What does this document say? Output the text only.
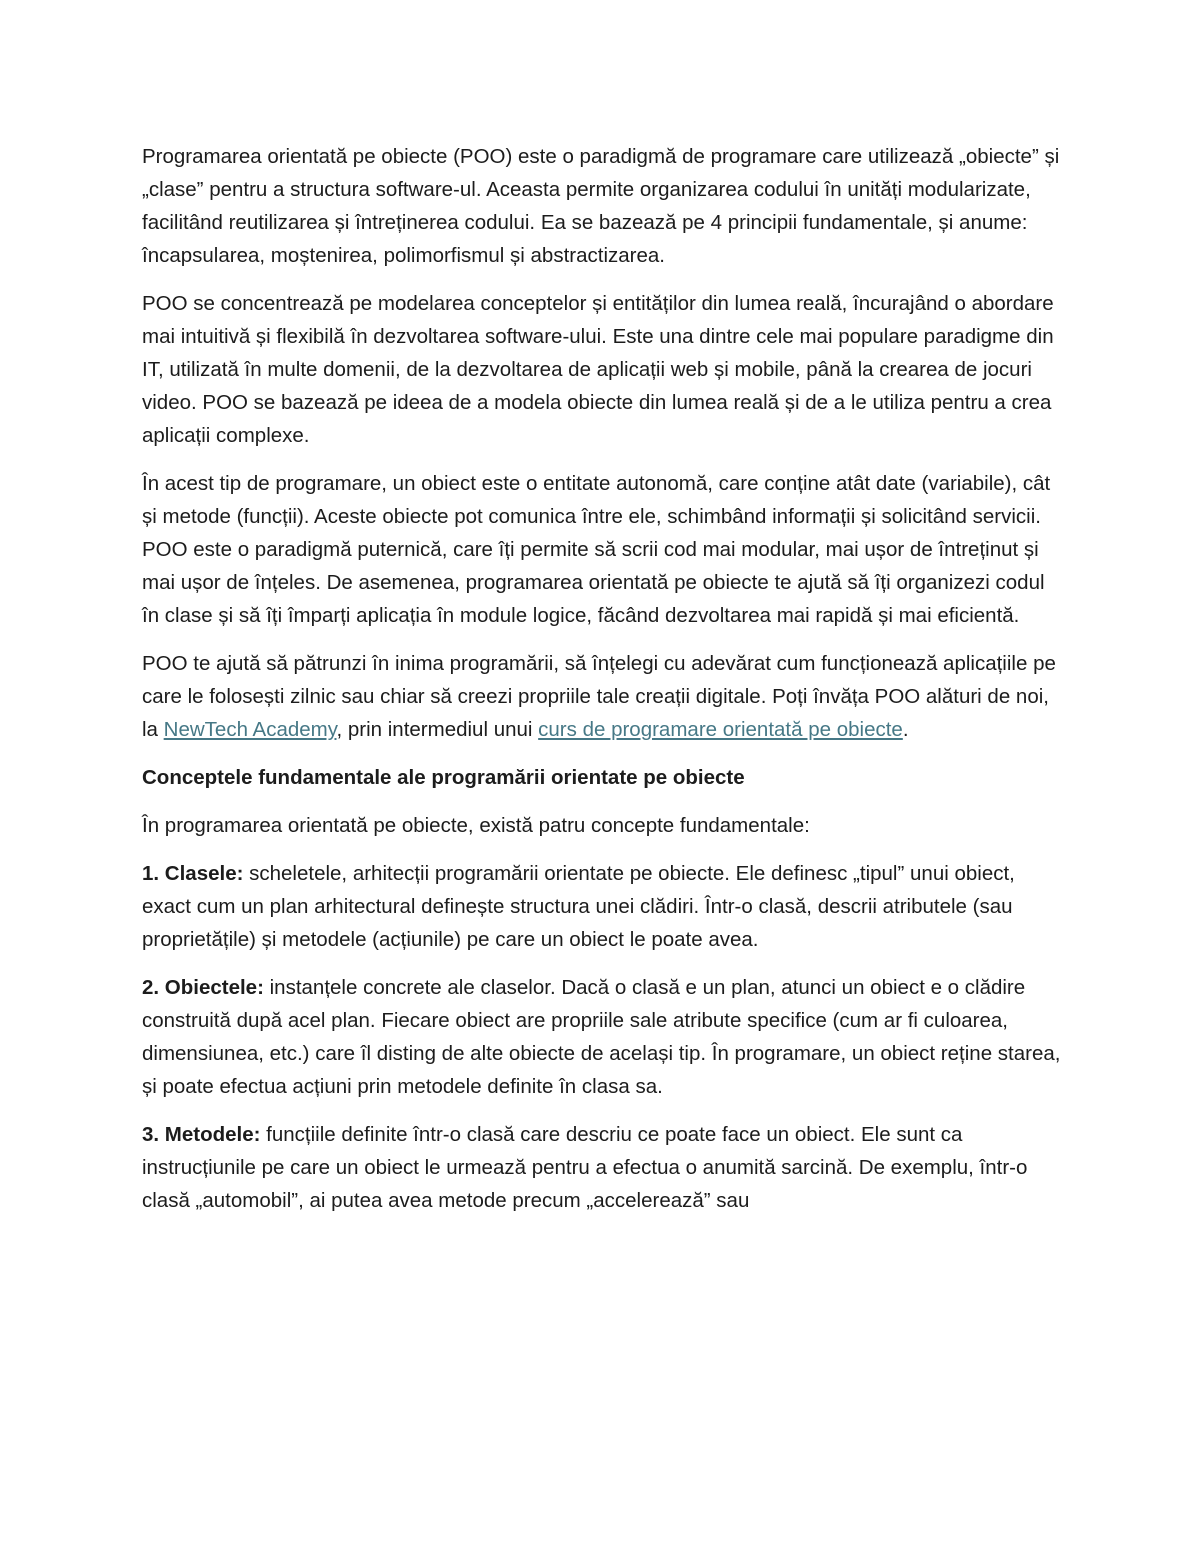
Programarea orientată pe obiecte (POO) este o paradigmă de programare care utilizează „obiecte” și „clase” pentru a structura software-ul. Aceasta permite organizarea codului în unități modularizate, facilitând reutilizarea și întreținerea codului. Ea se bazează pe 4 principii fundamentale, și anume: încapsularea, moștenirea, polimorfismul și abstractizarea.

POO se concentrează pe modelarea conceptelor și entităților din lumea reală, încurajând o abordare mai intuitivă și flexibilă în dezvoltarea software-ului. Este una dintre cele mai populare paradigme din IT, utilizată în multe domenii, de la dezvoltarea de aplicații web și mobile, până la crearea de jocuri video. POO se bazează pe ideea de a modela obiecte din lumea reală și de a le utiliza pentru a crea aplicații complexe.

În acest tip de programare, un obiect este o entitate autonomă, care conține atât date (variabile), cât și metode (funcții). Aceste obiecte pot comunica între ele, schimbând informații și solicitând servicii. POO este o paradigmă puternică, care îți permite să scrii cod mai modular, mai ușor de întreținut și mai ușor de înțeles. De asemenea, programarea orientată pe obiecte te ajută să îți organizezi codul în clase și să îți împarți aplicația în module logice, făcând dezvoltarea mai rapidă și mai eficientă.

POO te ajută să pătrunzi în inima programării, să înțelegi cu adevărat cum funcționează aplicațiile pe care le folosești zilnic sau chiar să creezi propriile tale creații digitale. Poți învăța POO alături de noi, la NewTech Academy, prin intermediul unui curs de programare orientată pe obiecte.

Conceptele fundamentale ale programării orientate pe obiecte

În programarea orientată pe obiecte, există patru concepte fundamentale:

1. Clasele: scheletele, arhitecții programării orientate pe obiecte. Ele definesc „tipul” unui obiect, exact cum un plan arhitectural definește structura unei clădiri. Într-o clasă, descrii atributele (sau proprietățile) și metodele (acțiunile) pe care un obiect le poate avea.

2. Obiectele: instanțele concrete ale claselor. Dacă o clasă e un plan, atunci un obiect e o clădire construită după acel plan. Fiecare obiect are propriile sale atribute specifice (cum ar fi culoarea, dimensiunea, etc.) care îl disting de alte obiecte de același tip. În programare, un obiect reține starea, și poate efectua acțiuni prin metodele definite în clasa sa.

3. Metodele: funcțiile definite într-o clasă care descriu ce poate face un obiect. Ele sunt ca instrucțiunile pe care un obiect le urmează pentru a efectua o anumită sarcină. De exemplu, într-o clasă „automobil”, ai putea avea metode precum „accelerează” sau
